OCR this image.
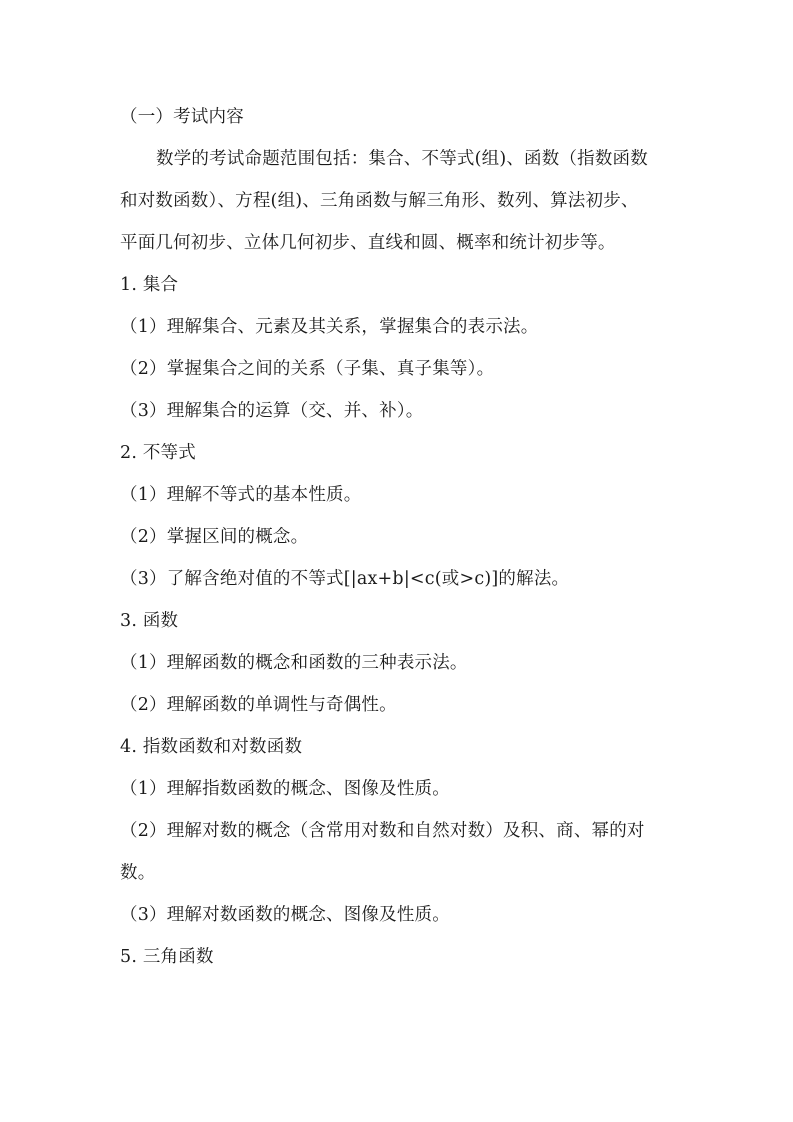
（一）考试内容
数学的考试命题范围包括：集合、不等式(组)、函数（指数函数
和对数函数）、方程(组)、三角函数与解三角形、数列、算法初步、
平面几何初步、立体几何初步、直线和圆、概率和统计初步等。
1. 集合
（1）理解集合、元素及其关系，掌握集合的表示法。
（2）掌握集合之间的关系（子集、真子集等）。
（3）理解集合的运算（交、并、补）。
2. 不等式
（1）理解不等式的基本性质。
（2）掌握区间的概念。
（3）了解含绝对值的不等式[|ax+b|<c(或>c)]的解法。
3. 函数
（1）理解函数的概念和函数的三种表示法。
（2）理解函数的单调性与奇偶性。
4. 指数函数和对数函数
（1）理解指数函数的概念、图像及性质。
（2）理解对数的概念（含常用对数和自然对数）及积、商、幂的对
数。
（3）理解对数函数的概念、图像及性质。
5. 三角函数
